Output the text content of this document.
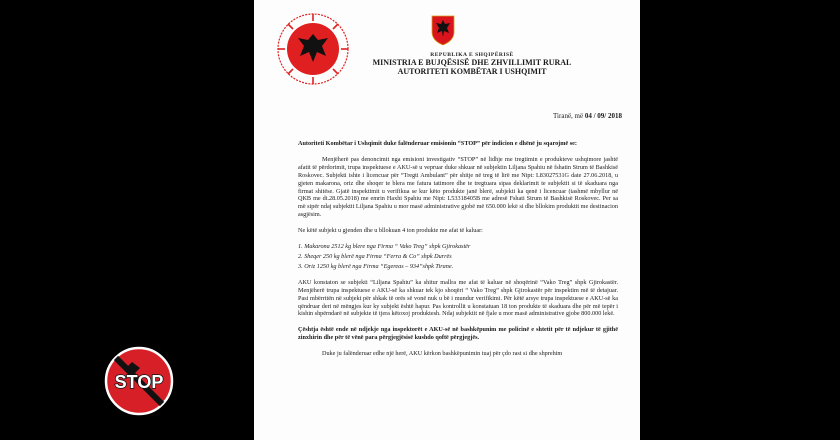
REPUBLIKA E SHQIPËRISË
MINISTRIA E BUJQËSISË DHE ZHVILLIMIT RURAL
AUTORITETI KOMBËTAR I USHQIMIT
Tiranë, më 04 / 09/ 2018

Autoriteti Kombëtar i Ushqimit duke falënderuar emisionin “STOP” për indicion e dhënë ju sqarojmë se:

Menjëherë pas denoncimit nga emisioni investigativ “STOP” në lidhje me tregtimin e produkteve ushqimore jashtë afatit të përdorimit, trupa inspektuese e AKU-së u vepruar duke shkuar në subjektin Liljana Spahiu në fshatin Strum të Bashkisë Roskovec. Subjekti ishte i licencuar për “Tregti Ambulant” për shitje në treg të lirë me Nipt: L83027531G date 27.06.2018, u gjeten makarona, oriz dhe shoqer te blera me fatura tatimore dhe te tregtuara sipas deklarimit te subjektit si të skaduara nga firmat shitëse. Gjatë inspektimit u verifikua se kur këto produkte janë blerë, subjekti ka qenë i licencuar (tashmë mbyllur në QKB me dt.28.05.2018) me emrin Haxhi Spahiu me Nipt: L53318405B me adresë Fshati Strum të Bashkisë Roskovec. Per sa më sipër ndaj subjektit Liljana Spahiu u mor masë administrative gjobë më 650.000 lekë si dhe bllokim produktit me destinacion asgjësim.

Ne këtë subjekt u gjenden dhe u bllokuan 4 ton produkte me afat të kaluar:

1. Makarona 2512 kg blere nga Firma “ Vako Treg” shpk Gjirokastër

2. Sheqer 250 kg blerë nga Firma “Ferra & Co” shpk Durrës

3. Oriz 1250 kg blerë nga Firma “Egereas – 934”shpk Tirane.

AKU konstaton se subjekti “Liljana Spahiu” ka shitur mallra me afat të kaluar në shoqërinë “Vako Treg” shpk Gjirokastër. Menjëherë trupa inspektuese e AKU-së ka shkuar tek kjo shoqëri “ Vako Treg” shpk Gjirokastër për inspektim më të detajuar. Pasi mbërritën në subjekt për shkak të orës së vonë nuk u bë i mundur verifikimi. Për këtë arsye trupa inspektuese e AKU-së ka qëndruar deri në mëngjes kur ky subjekt është hapur. Pas kontrollit u konstatuan 18 ton produkte të skaduara dhe për më tepër i kishin shpërndarë në subjekte të tjera këtoxoj produktesh. Ndaj subjektit në fjale u mor masë administrative gjobe 800.000 lekë.

Çështja është ende në ndjekje nga inspektorët e AKU-së në bashkëpunim me policinë e shtetit për të ndjekur të gjithë zinxhirin dhe për të vënë para përgjegjësisë kushdo qoftë përgjegjës.

Duke ju falënderuar edhe një herë, AKU kërkon bashkëpunimin tuaj për çdo rast si dhe shprehim

STOP
